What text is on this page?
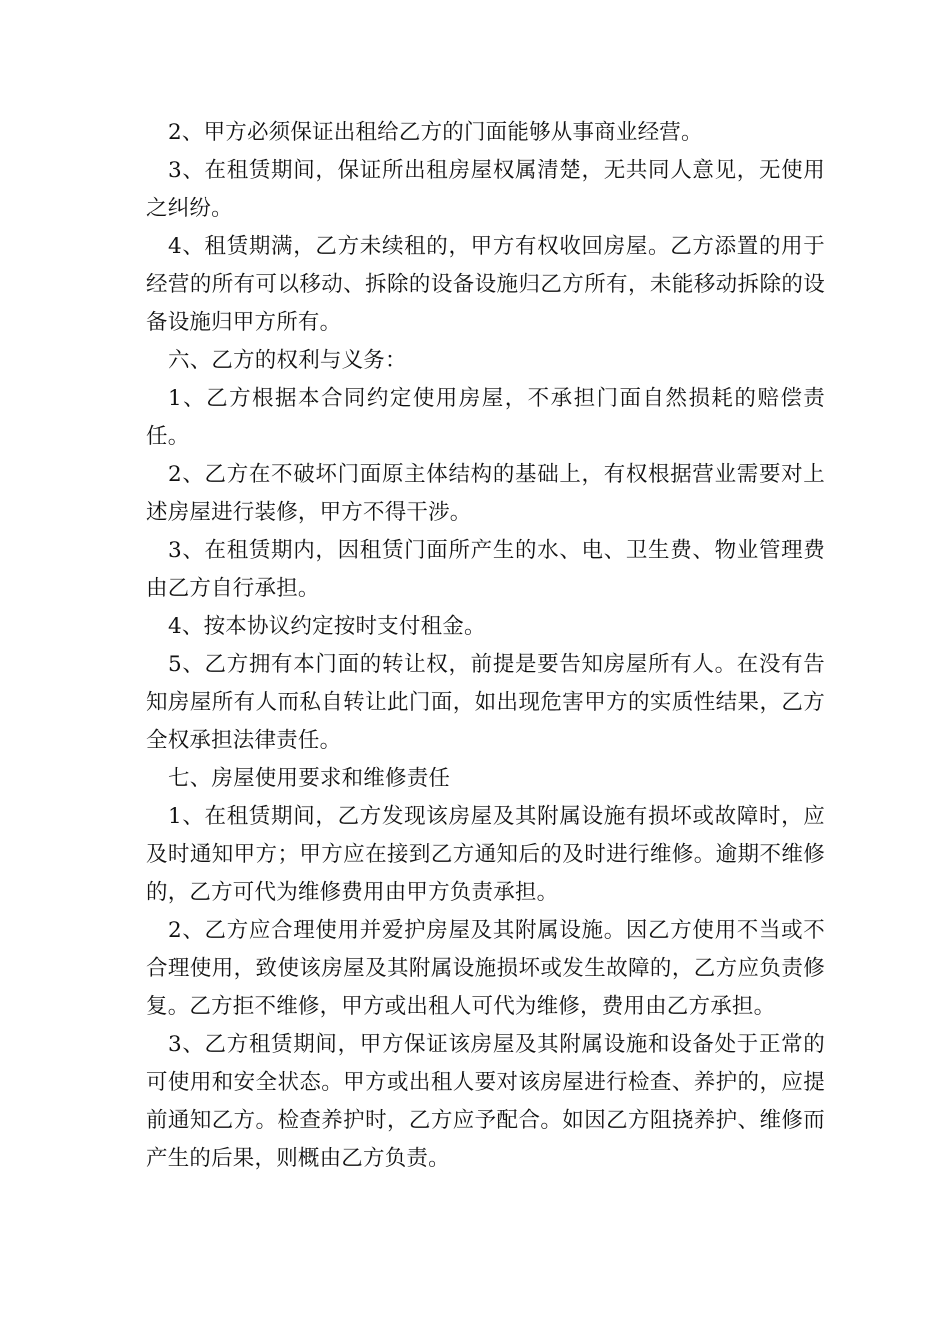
2、甲方必须保证出租给乙方的门面能够从事商业经营。

3、在租赁期间，保证所出租房屋权属清楚，无共同人意见，无使用之纠纷。

4、租赁期满，乙方未续租的，甲方有权收回房屋。乙方添置的用于经营的所有可以移动、拆除的设备设施归乙方所有，未能移动拆除的设备设施归甲方所有。

六、乙方的权利与义务：

1、乙方根据本合同约定使用房屋，不承担门面自然损耗的赔偿责任。

2、乙方在不破坏门面原主体结构的基础上，有权根据营业需要对上述房屋进行装修，甲方不得干涉。

3、在租赁期内，因租赁门面所产生的水、电、卫生费、物业管理费由乙方自行承担。

4、按本协议约定按时支付租金。

5、乙方拥有本门面的转让权，前提是要告知房屋所有人。在没有告知房屋所有人而私自转让此门面，如出现危害甲方的实质性结果，乙方全权承担法律责任。

七、房屋使用要求和维修责任

1、在租赁期间，乙方发现该房屋及其附属设施有损坏或故障时，应及时通知甲方；甲方应在接到乙方通知后的及时进行维修。逾期不维修的，乙方可代为维修费用由甲方负责承担。

2、乙方应合理使用并爱护房屋及其附属设施。因乙方使用不当或不合理使用，致使该房屋及其附属设施损坏或发生故障的，乙方应负责修复。乙方拒不维修，甲方或出租人可代为维修，费用由乙方承担。

3、乙方租赁期间，甲方保证该房屋及其附属设施和设备处于正常的可使用和安全状态。甲方或出租人要对该房屋进行检查、养护的，应提前通知乙方。检查养护时，乙方应予配合。如因乙方阻挠养护、维修而产生的后果，则概由乙方负责。
